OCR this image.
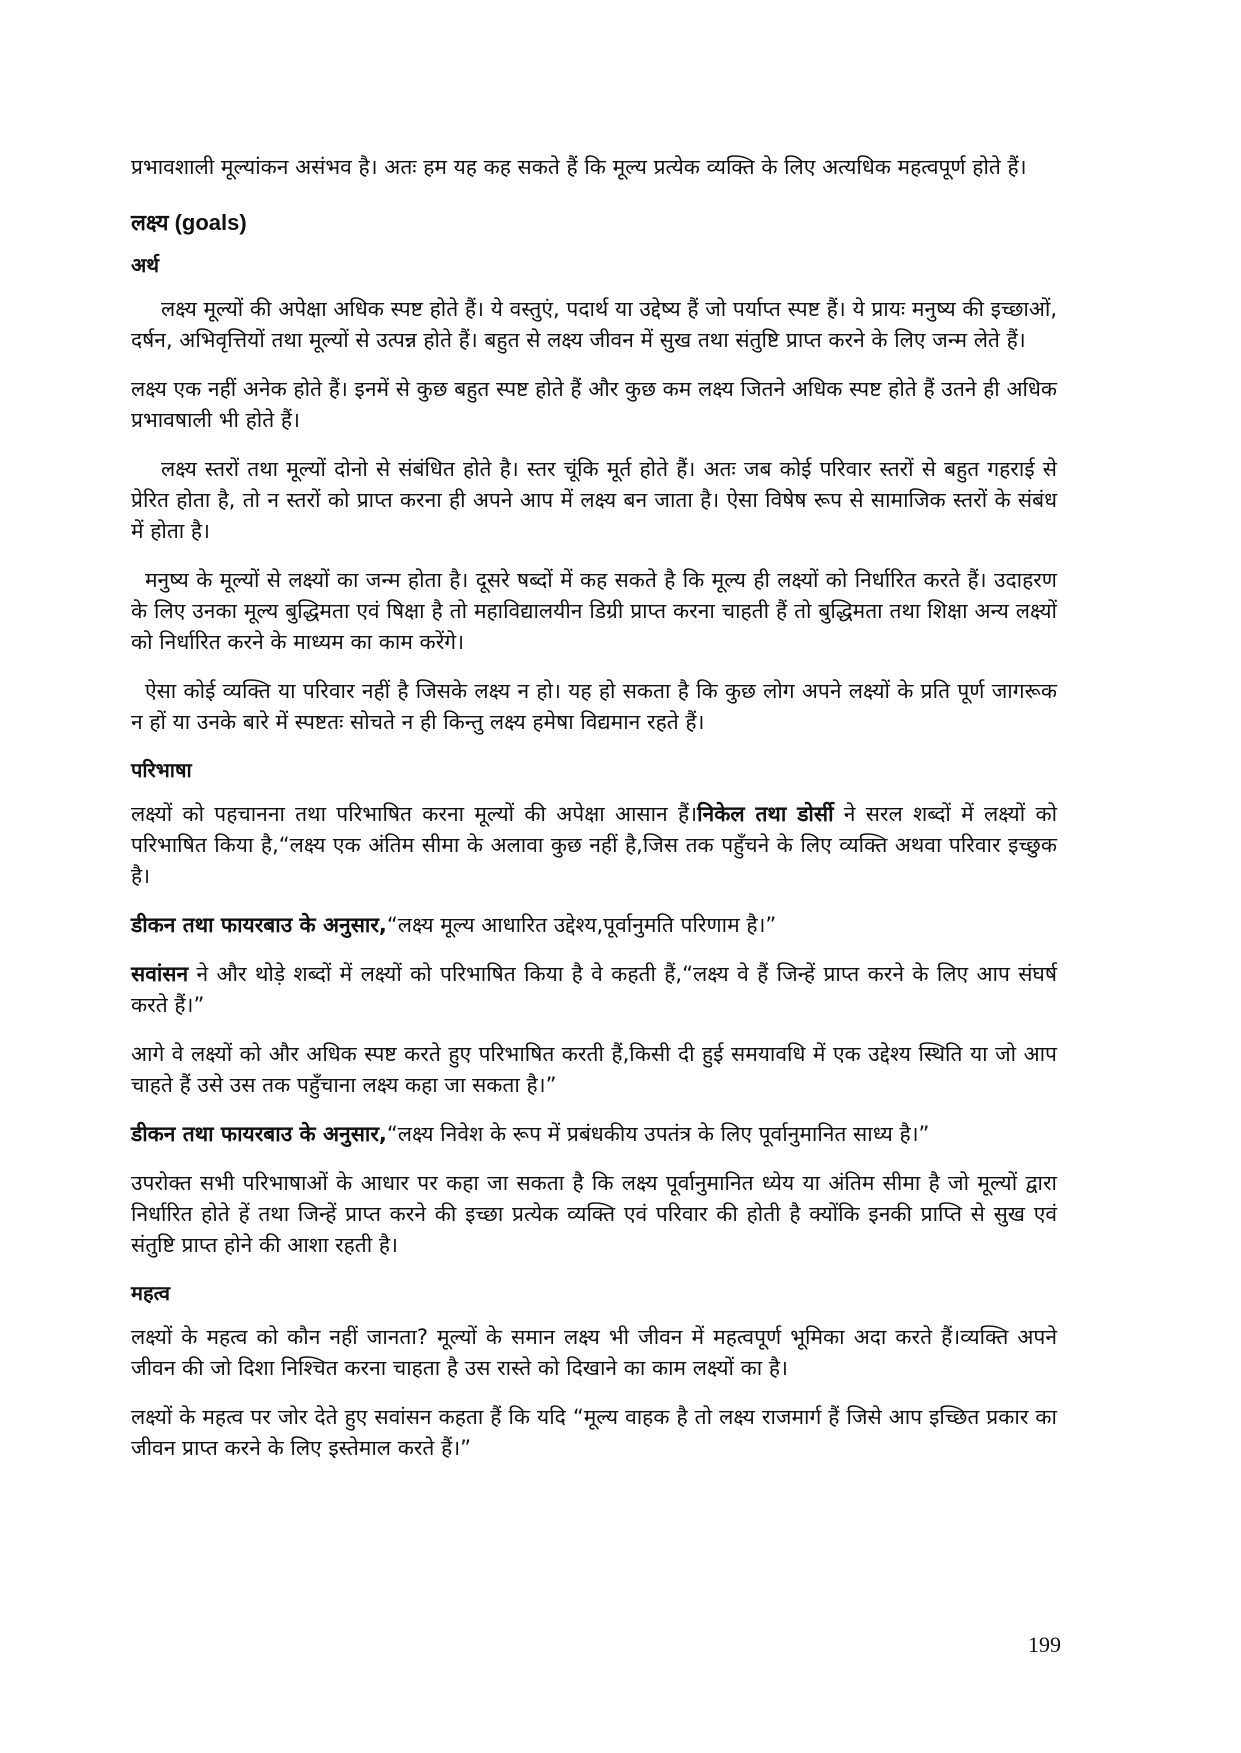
प्रभावशाली मूल्यांकन असंभव है। अतः हम यह कह सकते हैं कि मूल्य प्रत्येक व्यक्ति के लिए अत्यधिक महत्वपूर्ण होते हैं।

लक्ष्य (goals)
अर्थ

लक्ष्य मूल्यों की अपेक्षा अधिक स्पष्ट होते हैं। ये वस्तुएं, पदार्थ या उद्देष्य हैं जो पर्याप्त स्पष्ट हैं। ये प्रायः मनुष्य की इच्छाओं, दर्षन, अभिवृत्तियों तथा मूल्यों से उत्पन्न होते हैं। बहुत से लक्ष्य जीवन में सुख तथा संतुष्टि प्राप्त करने के लिए जन्म लेते हैं।

लक्ष्य एक नहीं अनेक होते हैं। इनमें से कुछ बहुत स्पष्ट होते हैं और कुछ कम लक्ष्य जितने अधिक स्पष्ट होते हैं उतने ही अधिक प्रभावषाली भी होते हैं।

लक्ष्य स्तरों तथा मूल्यों दोनो से संबंधित होते है। स्तर चूंकि मूर्त होते हैं। अतः जब कोई परिवार स्तरों से बहुत गहराई से प्रेरित होता है, तो न स्तरों को प्राप्त करना ही अपने आप में लक्ष्य बन जाता है। ऐसा विषेष रूप से सामाजिक स्तरों के संबंध में होता है।

मनुष्य के मूल्यों से लक्ष्यों का जन्म होता है। दूसरे षब्दों में कह सकते है कि मूल्य ही लक्ष्यों को निर्धारित करते हैं। उदाहरण के लिए उनका मूल्य बुद्धिमता एवं षिक्षा है तो महाविद्यालयीन डिग्री प्राप्त करना चाहती हैं तो बुद्धिमता तथा शिक्षा अन्य लक्ष्यों को निर्धारित करने के माध्यम का काम करेंगे।

ऐसा कोई व्यक्ति या परिवार नहीं है जिसके लक्ष्य न हो। यह हो सकता है कि कुछ लोग अपने लक्ष्यों के प्रति पूर्ण जागरूक न हों या उनके बारे में स्पष्टतः सोचते न ही किन्तु लक्ष्य हमेषा विद्यमान रहते हैं।

परिभाषा

लक्ष्यों को पहचानना तथा परिभाषित करना मूल्यों की अपेक्षा आसान हैं।निकेल तथा डोर्सी ने सरल शब्दों में लक्ष्यों को परिभाषित किया है,“लक्ष्य एक अंतिम सीमा के अलावा कुछ नहीं है,जिस तक पहुँचने के लिए व्यक्ति अथवा परिवार इच्छुक है।

डीकन तथा फायरबाउ के अनुसार,“लक्ष्य मूल्य आधारित उद्देश्य,पूर्वानुमति परिणाम है।”

सवांसन ने और थोड़े शब्दों में लक्ष्यों को परिभाषित किया है वे कहती हैं,“लक्ष्य वे हैं जिन्हें प्राप्त करने के लिए आप संघर्ष करते हैं।”

आगे वे लक्ष्यों को और अधिक स्पष्ट करते हुए परिभाषित करती हैं,किसी दी हुई समयावधि में एक उद्देश्य स्थिति या जो आप चाहते हैं उसे उस तक पहुँचाना लक्ष्य कहा जा सकता है।”

डीकन तथा फायरबाउ के अनुसार,“लक्ष्य निवेश के रूप में प्रबंधकीय उपतंत्र के लिए पूर्वानुमानित साध्य है।”

उपरोक्त सभी परिभाषाओं के आधार पर कहा जा सकता है कि लक्ष्य पूर्वानुमानित ध्येय या अंतिम सीमा है जो मूल्यों द्वारा निर्धारित होते हें तथा जिन्हें प्राप्त करने की इच्छा प्रत्येक व्यक्ति एवं परिवार की होती है क्योंकि इनकी प्राप्ति से सुख एवं संतुष्टि प्राप्त होने की आशा रहती है।

महत्व

लक्ष्यों के महत्व को कौन नहीं जानता? मूल्यों के समान लक्ष्य भी जीवन में महत्वपूर्ण भूमिका अदा करते हैं।व्यक्ति अपने जीवन की जो दिशा निश्चित करना चाहता है उस रास्ते को दिखाने का काम लक्ष्यों का है।

लक्ष्यों के महत्व पर जोर देते हुए सवांसन कहता हैं कि यदि “मूल्य वाहक है तो लक्ष्य राजमार्ग हैं जिसे आप इच्छित प्रकार का जीवन प्राप्त करने के लिए इस्तेमाल करते हैं।”

199
